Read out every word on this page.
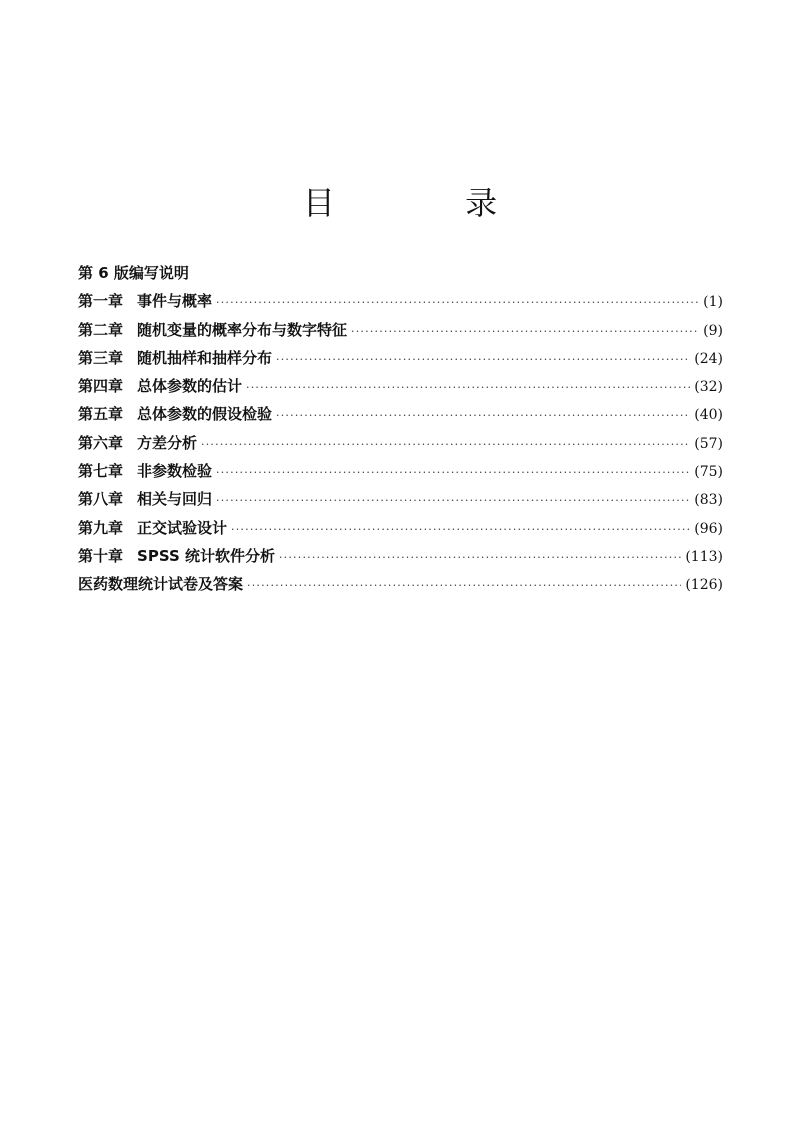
目 录
第 6 版编写说明
第一章 事件与概率 ·····	(1)
第二章 随机变量的概率分布与数字特征 ·····	(9)
第三章 随机抽样和抽样分布 ·····	(24)
第四章 总体参数的估计 ·····	(32)
第五章 总体参数的假设检验 ·····	(40)
第六章 方差分析 ·····	(57)
第七章 非参数检验 ·····	(75)
第八章 相关与回归 ·····	(83)
第九章 正交试验设计 ·····	(96)
第十章 SPSS 统计软件分析 ·····	(113)
医药数理统计试卷及答案 ·····	(126)
